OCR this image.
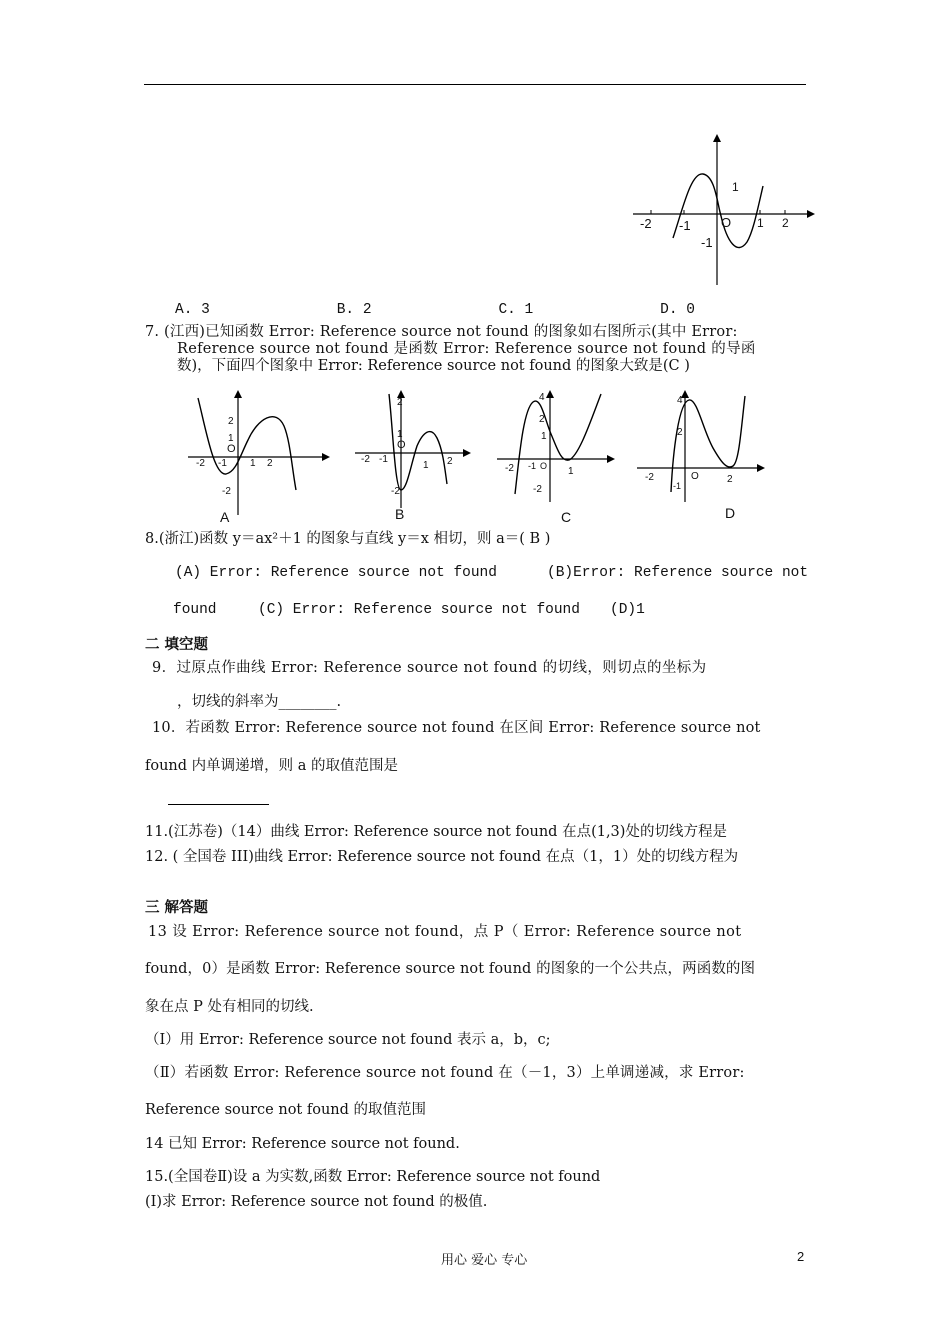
-2 -1 O 1 2
1
-1
A. 3	B. 2	C. 1	D. 0
7. (江西)已知函数 Error: Reference source not found 的图象如右图所示(其中 Error:
Reference source not found 是函数 Error: Reference source not found 的导函
数)，下面四个图象中 Error: Reference source not found 的图象大致是(C )
-2 -1 1 2
2
1
O
-2
A
-2 -1
1 2
2
1
O
-2
B
-2 -1 O 1
4
2
1
-2
C
-2
-1
O	2
4
2
D
8.(浙江)函数 y＝ax²＋1 的图象与直线 y＝x 相切，则 a＝( B )
(A) Error: Reference source not found	(B)Error: Reference source not
found	(C) Error: Reference source not found (D)1
二 填空题
9．过原点作曲线 Error: Reference source not found 的切线，则切点的坐标为
，切线的斜率为________.
10．若函数 Error: Reference source not found 在区间 Error: Reference source not
found 内单调递增，则 a 的取值范围是
11.(江苏卷)（14）曲线 Error: Reference source not found 在点(1,3)处的切线方程是
12. ( 全国卷 III)曲线 Error: Reference source not found 在点（1，1）处的切线方程为
三 解答题
13 设 Error: Reference source not found，点 P（ Error: Reference source not
found，0）是函数 Error: Reference source not found 的图象的一个公共点，两函数的图
象在点 P 处有相同的切线.
（Ⅰ）用 Error: Reference source not found 表示 a，b，c;
（Ⅱ）若函数 Error: Reference source not found 在（－1，3）上单调递减，求 Error:
Reference source not found 的取值范围
14 已知 Error: Reference source not found.
15.(全国卷Ⅱ)设 a 为实数,函数 Error: Reference source not found
(Ⅰ)求 Error: Reference source not found 的极值.
用心 爱心 专心	2
